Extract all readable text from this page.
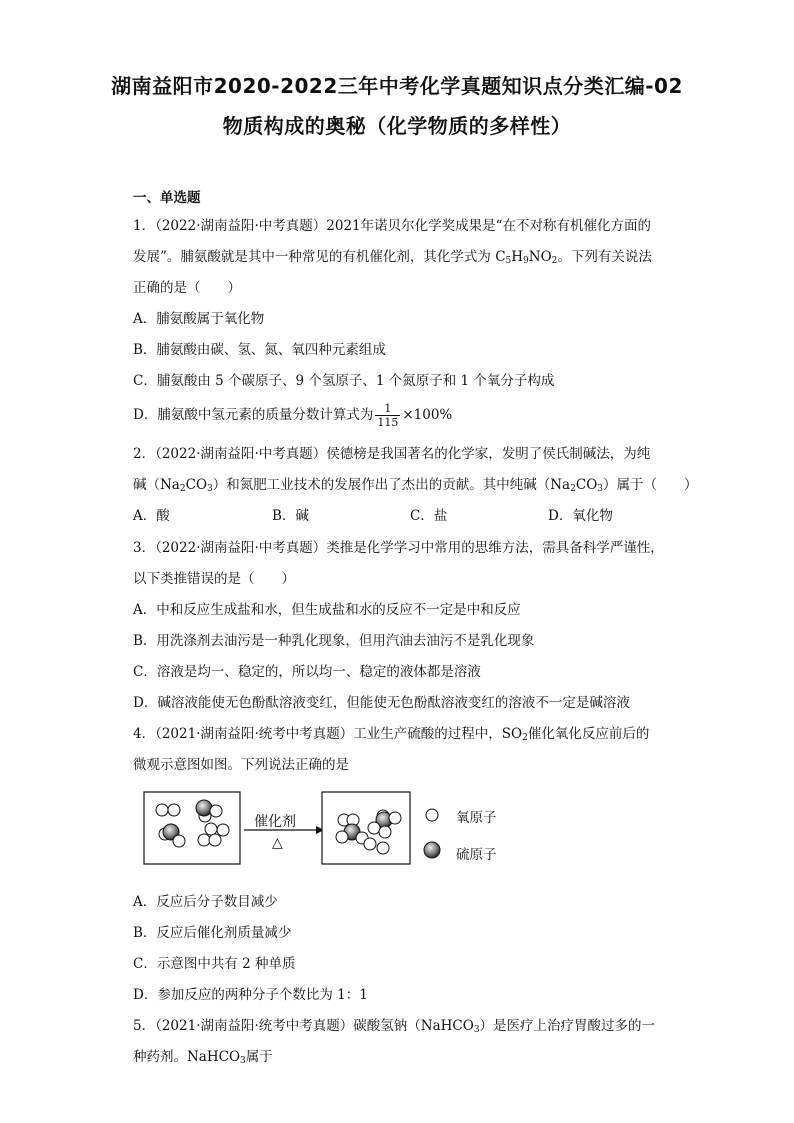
湖南益阳市2020-2022三年中考化学真题知识点分类汇编-02
物质构成的奥秘（化学物质的多样性）
一、单选题
1．（2022·湖南益阳·中考真题）2021年诺贝尔化学奖成果是“在不对称有机催化方面的
发展”。脯氨酸就是其中一种常见的有机催化剂，其化学式为 $C_5H_9NO_2$。下列有关说法
正确的是（　　）
A．脯氨酸属于氧化物
B．脯氨酸由碳、氢、氮、氧四种元素组成
C．脯氨酸由 5 个碳原子、9 个氢原子、1 个氮原子和 1 个氧分子构成
D．脯氨酸中氢元素的质量分数计算式为 $\frac{1}{115} \times 100\%$
2．（2022·湖南益阳·中考真题）侯德榜是我国著名的化学家，发明了侯氏制碱法，为纯
碱$(Na_2CO_3)$和氮肥工业技术的发展作出了杰出的贡献。其中纯碱$(Na_2CO_3)$属于（　　）
A．酸	B．碱	C．盐	D．氧化物
3．（2022·湖南益阳·中考真题）类推是化学学习中常用的思维方法，需具备科学严谨性，
以下类推错误的是（　　）
A．中和反应生成盐和水，但生成盐和水的反应不一定是中和反应
B．用洗涤剂去油污是一种乳化现象，但用汽油去油污不是乳化现象
C．溶液是均一、稳定的，所以均一、稳定的液体都是溶液
D．碱溶液能使无色酚酞溶液变红，但能使无色酚酞溶液变红的溶液不一定是碱溶液
4．（2021·湖南益阳·统考中考真题）工业生产硫酸的过程中，$SO_2$催化氧化反应前后的
微观示意图如图。下列说法正确的是
催化剂
△
氧原子
硫原子
A．反应后分子数目减少
B．反应后催化剂质量减少
C．示意图中共有 2 种单质
D．参加反应的两种分子个数比为 1：1
5．（2021·湖南益阳·统考中考真题）碳酸氢钠（NaHCO$_3$）是医疗上治疗胃酸过多的一
种药剂。NaHCO$_3$属于
